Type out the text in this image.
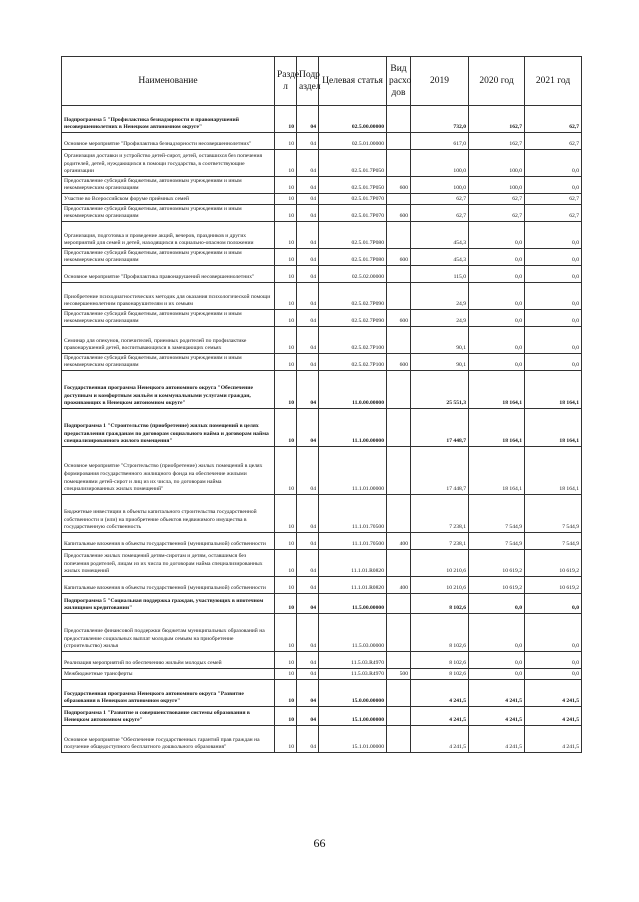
Наименование	Разде л	Подр аздел	Целевая статья	Вид расхо дов	2019	2020 год	2021 год
Подпрограмма 5 "Профилактика безнадзорности и правонарушений несовершеннолетних в Ненецком автономном округе"	10	04	02.5.00.00000		732,0	162,7	62,7
Основное мероприятие "Профилактика безнадзорности несовершеннолетних"	10	04	02.5.01.00000		617,0	162,7	62,7
Организация доставки и устройство детей-сирот, детей, оставшихся без попечения родителей, детей, нуждающихся в помощи государства, в соответствующие организации	10	04	02.5.01.7Р050		100,0	100,0	0,0
Предоставление субсидий бюджетным, автономным учреждениям и иным некоммерческим организациям	10	04	02.5.01.7Р050	600	100,0	100,0	0,0
Участие во Всероссийском форуме приёмных семей	10	04	02.5.01.7Р070		62,7	62,7	62,7
Предоставление субсидий бюджетным, автономным учреждениям и иным некоммерческим организациям	10	04	02.5.01.7Р070	600	62,7	62,7	62,7
Организация, подготовка и проведение акций, вечеров, праздников и других мероприятий для семей и детей, находящихся в социально-опасном положении	10	04	02.5.01.7Р080		454,3	0,0	0,0
Предоставление субсидий бюджетным, автономным учреждениям и иным некоммерческим организациям	10	04	02.5.01.7Р080	600	454,3	0,0	0,0
Основное мероприятие "Профилактика правонарушений несовершеннолетних"	10	04	02.5.02.00000		115,0	0,0	0,0
Приобретение психодиагностических методик для оказания психологической помощи несовершеннолетним правонарушителям и их семьям	10	04	02.5.02.7Р090		24,9	0,0	0,0
Предоставление субсидий бюджетным, автономным учреждениям и иным некоммерческим организациям	10	04	02.5.02.7Р090	600	24,9	0,0	0,0
Семинар для опекунов, попечителей, приемных родителей по профилактике правонарушений детей, воспитывающихся в замещающих семьях	10	04	02.5.02.7Р100		90,1	0,0	0,0
Предоставление субсидий бюджетным, автономным учреждениям и иным некоммерческим организациям	10	04	02.5.02.7Р100	600	90,1	0,0	0,0
Государственная программа Ненецкого автономного округа "Обеспечение доступным и комфортным жильём и коммунальными услугами граждан, проживающих в Ненецком автономном округе"	10	04	11.0.00.00000		25 551,3	18 164,1	18 164,1
Подпрограмма 1 "Строительство (приобретение) жилых помещений в целях предоставления гражданам по договорам социального найма и договорам найма специализированного жилого помещения"	10	04	11.1.00.00000		17 448,7	18 164,1	18 164,1
Основное мероприятие "Строительство (приобретение) жилых помещений в целях формирования государственного жилищного фонда на обеспечение жилыми помещениями детей-сирот и лиц из их числа, по договорам найма специализированных жилых помещений"	10	04	11.1.01.00000		17 448,7	18 164,1	18 164,1
Бюджетные инвестиции в объекты капитального строительства государственной собственности и (или) на приобретение объектов недвижимого имущества в государственную собственность	10	04	11.1.01.70500		7 238,1	7 544,9	7 544,9
Капитальные вложения в объекты государственной (муниципальной) собственности	10	04	11.1.01.70500	400	7 238,1	7 544,9	7 544,9
Предоставление жилых помещений детям-сиротам и детям, оставшимся без попечения родителей, лицам из их числа по договорам найма специализированных жилых помещений	10	04	11.1.01.R0820		10 210,6	10 619,2	10 619,2
Капитальные вложения в объекты государственной (муниципальной) собственности	10	04	11.1.01.R0820	400	10 210,6	10 619,2	10 619,2
Подпрограмма 5 "Социальная поддержка граждан, участвующих в ипотечном жилищном кредитовании"	10	04	11.5.00.00000		8 102,6	0,0	0,0
Предоставление финансовой поддержки бюджетам муниципальных образований на предоставление социальных выплат молодым семьям на приобретение (строительство) жилья	10	04	11.5.03.00000		8 102,6	0,0	0,0
Реализация мероприятий по обеспечению жильём молодых семей	10	04	11.5.03.R4970		8 102,6	0,0	0,0
Межбюджетные трансферты	10	04	11.5.03.R4970	500	8 102,6	0,0	0,0
Государственная программа Ненецкого автономного округа "Развитие образования в Ненецком автономном округе"	10	04	15.0.00.00000		4 241,5	4 241,5	4 241,5
Подпрограмма 1 "Развитие и совершенствование системы образования в Ненецком автономном округе"	10	04	15.1.00.00000		4 241,5	4 241,5	4 241,5
Основное мероприятие "Обеспечение государственных гарантий прав граждан на получение общедоступного бесплатного дошкольного образования"	10	04	15.1.01.00000		4 241,5	4 241,5	4 241,5
66
